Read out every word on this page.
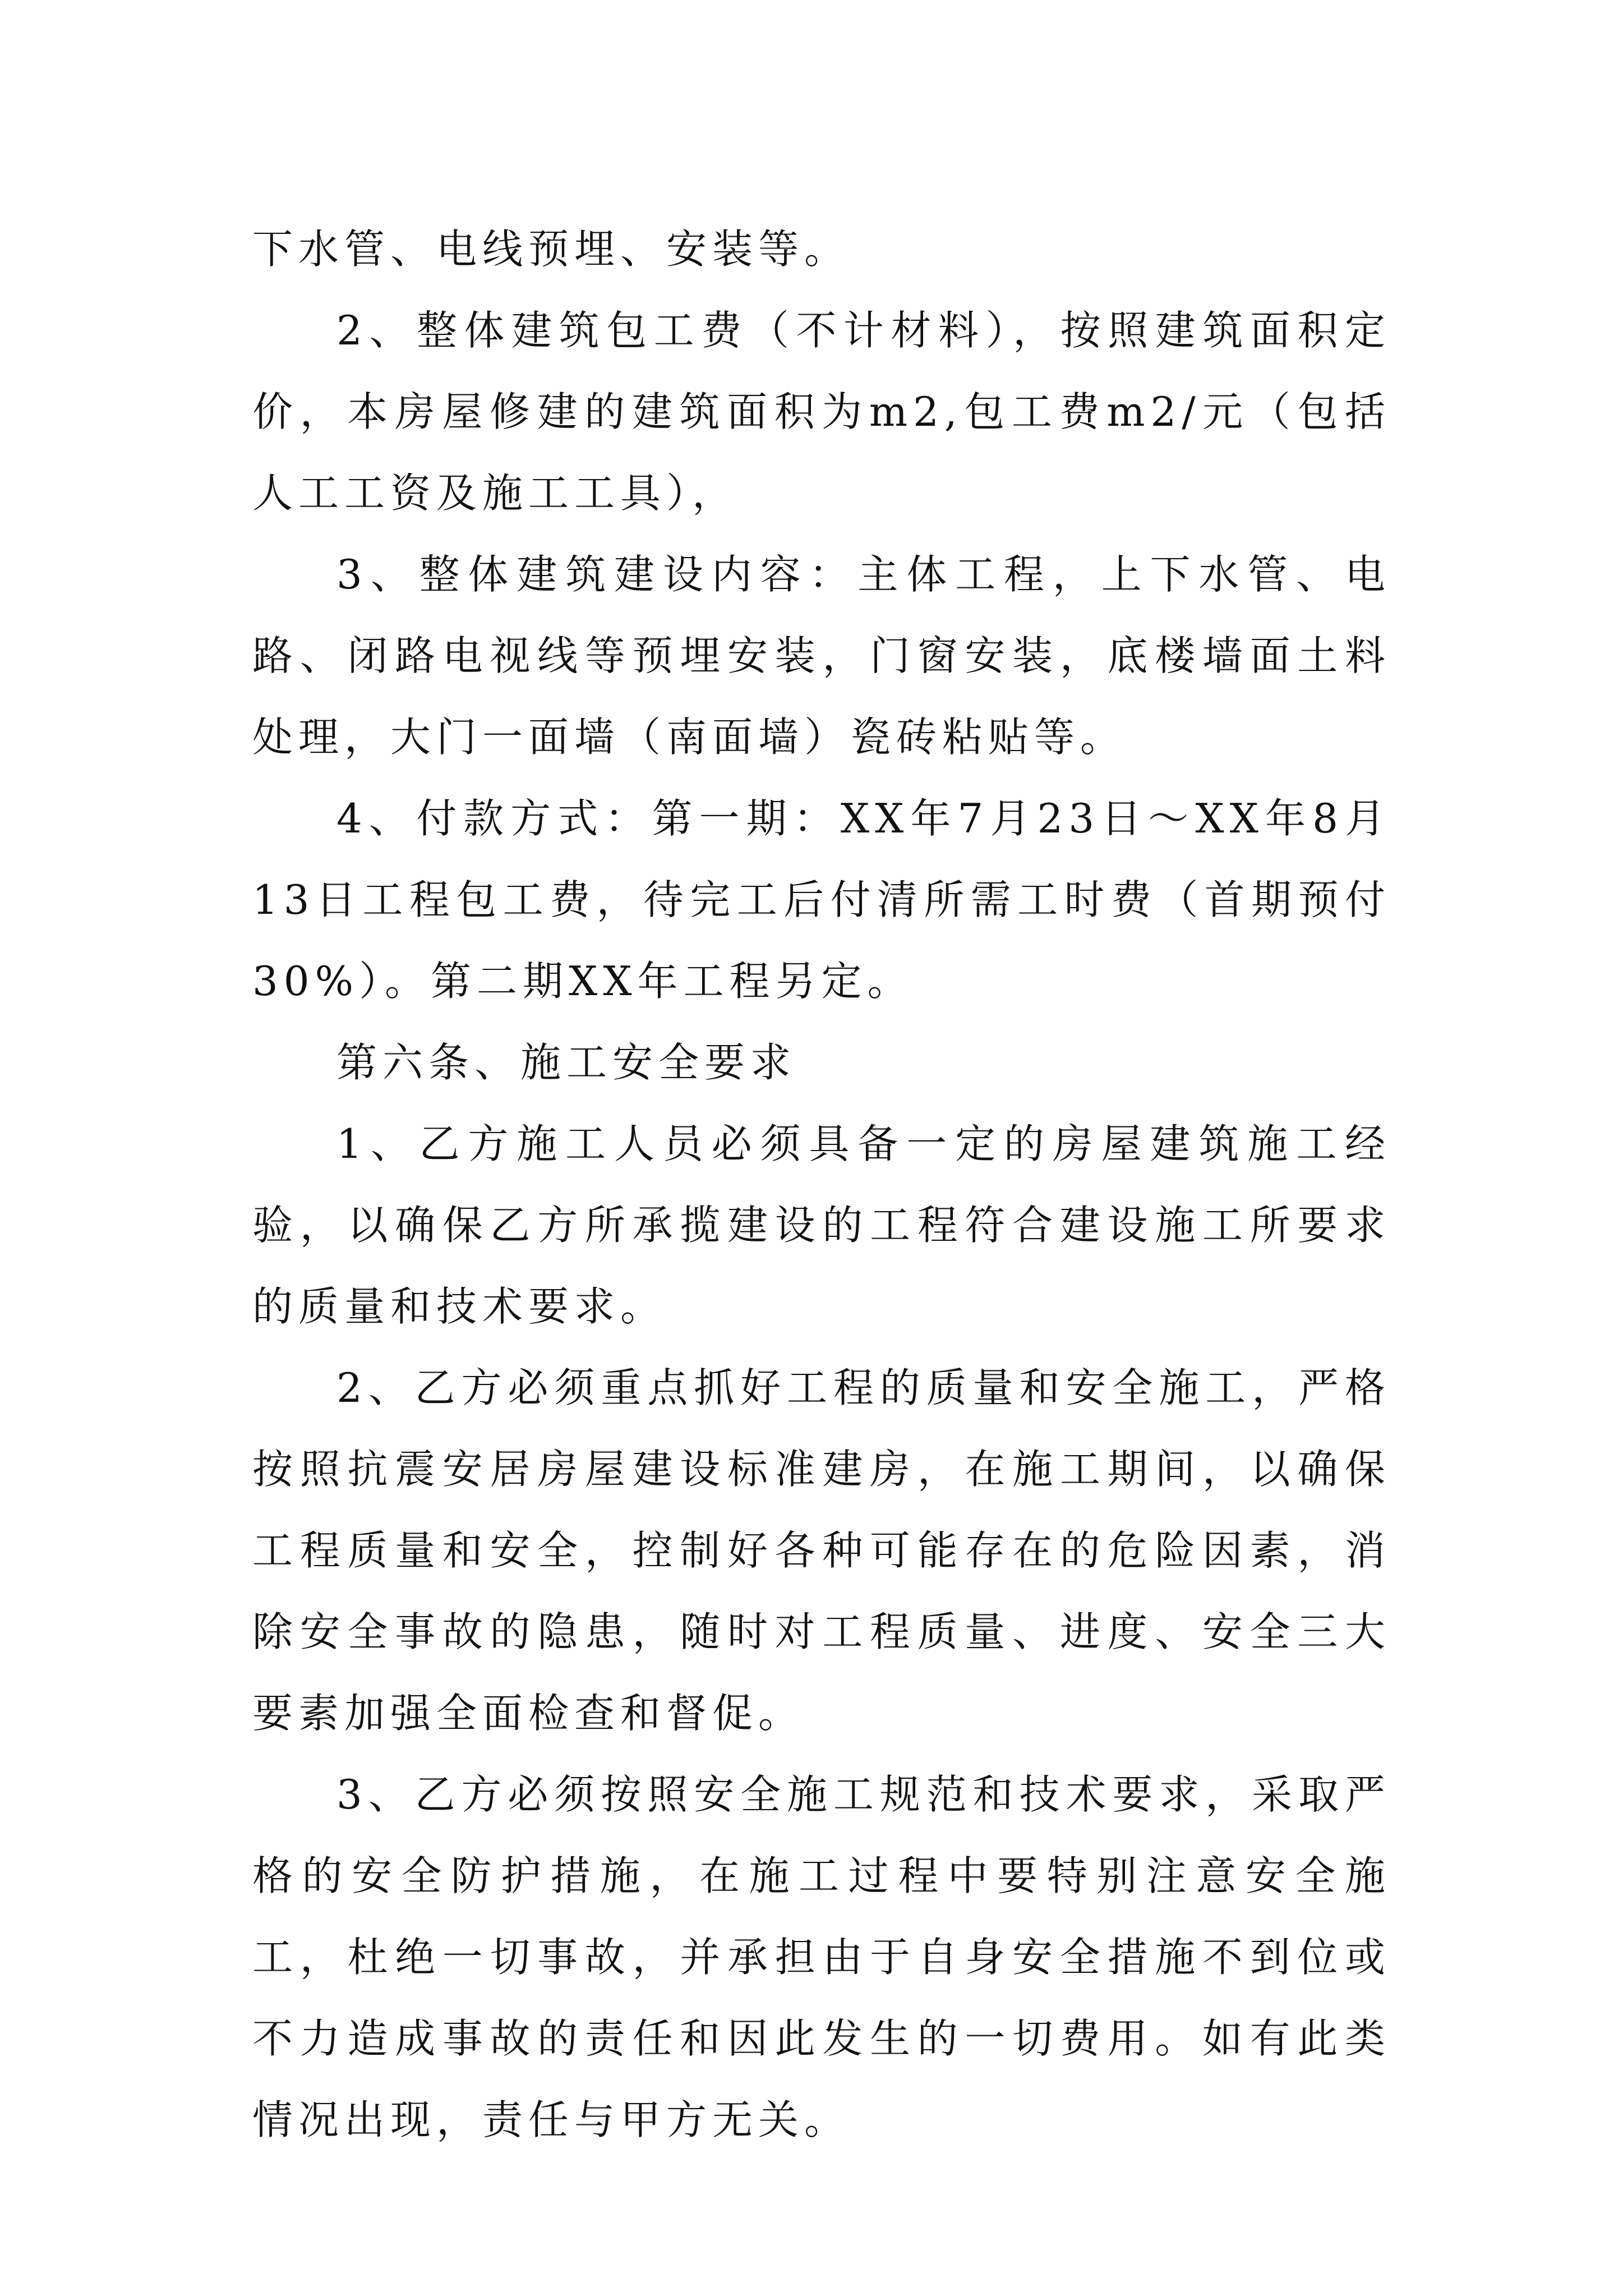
下水管、电线预埋、安装等。

2、整体建筑包工费（不计材料），按照建筑面积定价，本房屋修建的建筑面积为m2,包工费m2/元（包括人工工资及施工工具），

3、整体建筑建设内容：主体工程，上下水管、电路、闭路电视线等预埋安装，门窗安装，底楼墙面土料处理，大门一面墙（南面墙）瓷砖粘贴等。

4、付款方式：第一期：XX年7月23日～XX年8月13日工程包工费，待完工后付清所需工时费（首期预付30%）。第二期XX年工程另定。

第六条、施工安全要求

1、乙方施工人员必须具备一定的房屋建筑施工经验，以确保乙方所承揽建设的工程符合建设施工所要求的质量和技术要求。

2、乙方必须重点抓好工程的质量和安全施工，严格按照抗震安居房屋建设标准建房，在施工期间，以确保工程质量和安全，控制好各种可能存在的危险因素，消除安全事故的隐患，随时对工程质量、进度、安全三大要素加强全面检查和督促。

3、乙方必须按照安全施工规范和技术要求，采取严格的安全防护措施，在施工过程中要特别注意安全施工，杜绝一切事故，并承担由于自身安全措施不到位或不力造成事故的责任和因此发生的一切费用。如有此类情况出现，责任与甲方无关。
